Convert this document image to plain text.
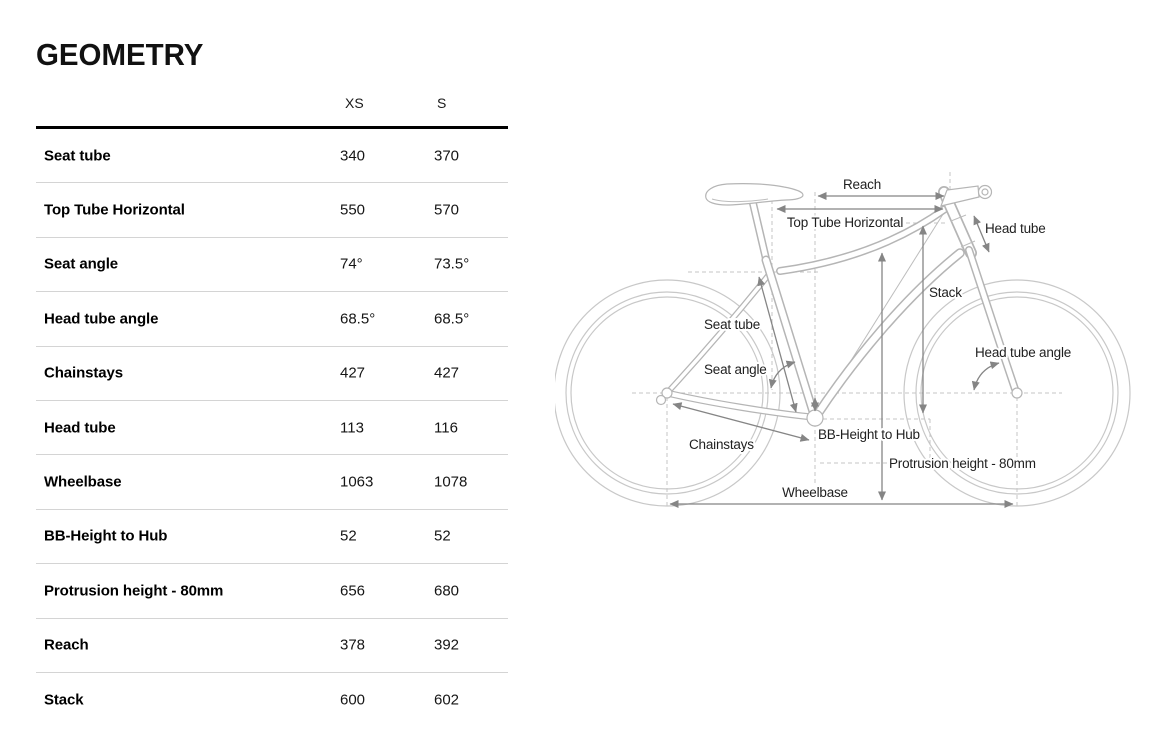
GEOMETRY
XS	S
Seat tube	340	370
Top Tube Horizontal	550	570
Seat angle	74°	73.5°
Head tube angle	68.5°	68.5°
Chainstays	427	427
Head tube	113	116
Wheelbase	1063	1078
BB-Height to Hub	52	52
Protrusion height - 80mm	656	680
Reach	378	392
Stack	600	602
Reach
Top Tube Horizontal	Head tube
Stack
Seat tube
Seat angle
Head tube angle
Chainstays
BB-Height to Hub
Protrusion height - 80mm
Wheelbase
